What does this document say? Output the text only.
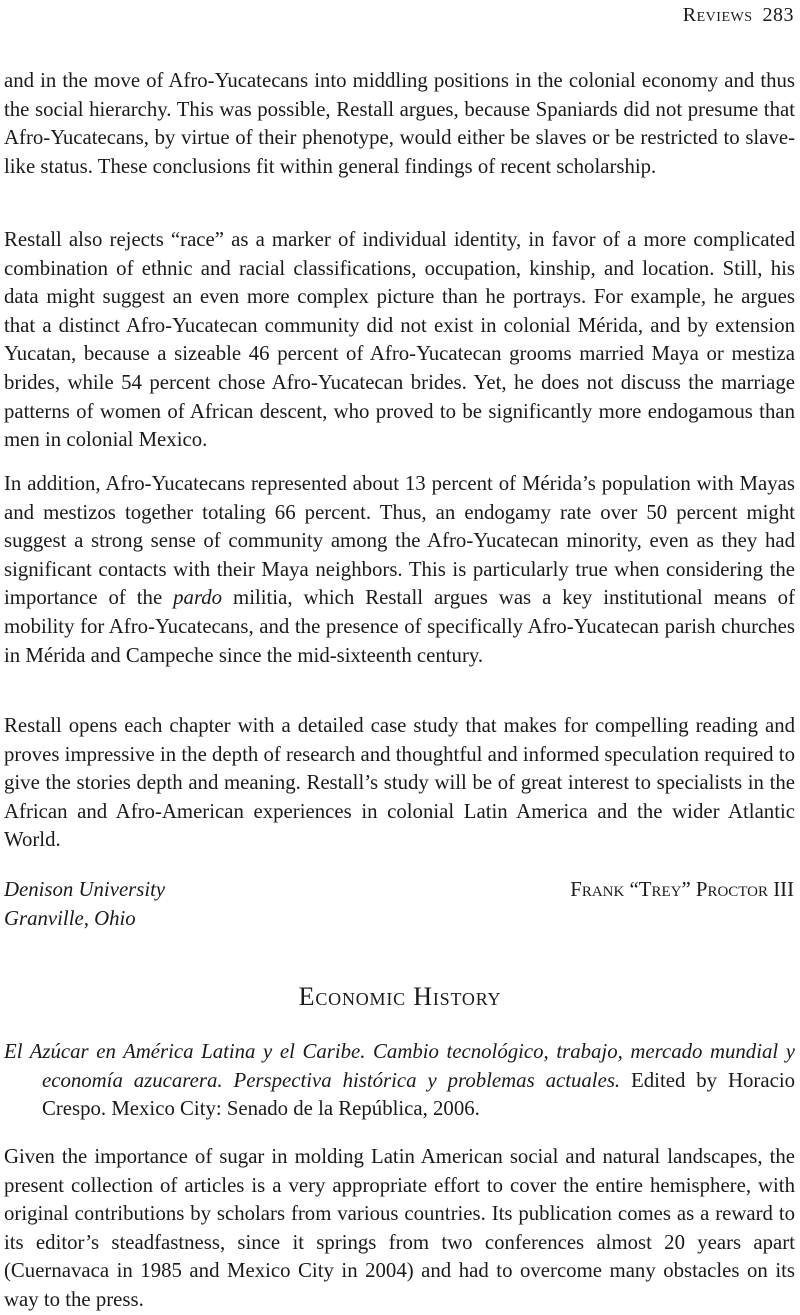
Reviews 283

and in the move of Afro-Yucatecans into middling positions in the colonial economy and thus the social hierarchy. This was possible, Restall argues, because Spaniards did not presume that Afro-Yucatecans, by virtue of their phenotype, would either be slaves or be restricted to slave-like status. These conclusions fit within general findings of recent scholarship.

Restall also rejects “race” as a marker of individual identity, in favor of a more complicated combination of ethnic and racial classifications, occupation, kinship, and location. Still, his data might suggest an even more complex picture than he portrays. For example, he argues that a distinct Afro-Yucatecan community did not exist in colonial Mérida, and by extension Yucatan, because a sizeable 46 percent of Afro-Yucatecan grooms married Maya or mestiza brides, while 54 percent chose Afro-Yucatecan brides. Yet, he does not discuss the marriage patterns of women of African descent, who proved to be significantly more endogamous than men in colonial Mexico.

In addition, Afro-Yucatecans represented about 13 percent of Mérida’s population with Mayas and mestizos together totaling 66 percent. Thus, an endogamy rate over 50 percent might suggest a strong sense of community among the Afro-Yucatecan minority, even as they had significant contacts with their Maya neighbors. This is particularly true when considering the importance of the pardo militia, which Restall argues was a key institutional means of mobility for Afro-Yucatecans, and the presence of specifically Afro-Yucatecan parish churches in Mérida and Campeche since the mid-sixteenth century.

Restall opens each chapter with a detailed case study that makes for compelling reading and proves impressive in the depth of research and thoughtful and informed speculation required to give the stories depth and meaning. Restall’s study will be of great interest to specialists in the African and Afro-American experiences in colonial Latin America and the wider Atlantic World.

Denison University
Granville, Ohio
Frank “Trey” Proctor III
Economic History

El Azúcar en América Latina y el Caribe. Cambio tecnológico, trabajo, mercado mundial y economía azucarera. Perspectiva histórica y problemas actuales. Edited by Horacio Crespo. Mexico City: Senado de la República, 2006.

Given the importance of sugar in molding Latin American social and natural landscapes, the present collection of articles is a very appropriate effort to cover the entire hemisphere, with original contributions by scholars from various countries. Its publication comes as a reward to its editor’s steadfastness, since it springs from two conferences almost 20 years apart (Cuernavaca in 1985 and Mexico City in 2004) and had to overcome many obstacles on its way to the press.
